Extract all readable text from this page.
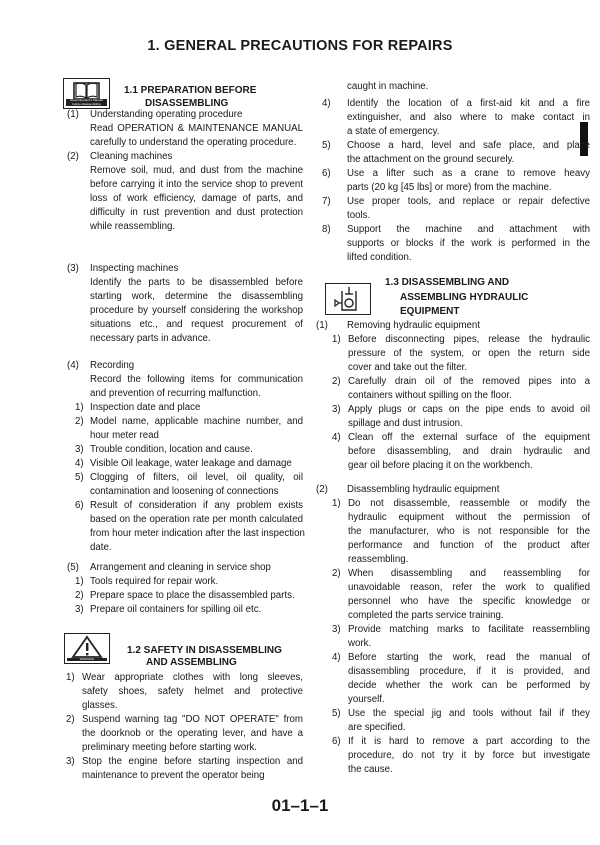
1. GENERAL PRECAUTIONS FOR REPAIRS
Read Operator's Manual before disassembling
1.1 PREPARATION BEFORE
DISASSEMBLING
WARNING
1.2 SAFETY IN DISASSEMBLING
AND ASSEMBLING
1.3 DISASSEMBLING AND
ASSEMBLING HYDRAULIC
EQUIPMENT
(1) Understanding operating procedure
Read OPERATION & MAINTENANCE MANUAL
carefully to understand the operating procedure.
(2) Cleaning machines
Remove soil, mud, and dust from the machine
before carrying it into the service shop to prevent
loss of work efficiency, damage of parts, and
difficulty in rust prevention and dust protection
while reassembling.
(3) Inspecting machines
Identify the parts to be disassembled before
starting work, determine the disassembling
procedure by yourself considering the workshop
situations etc., and request procurement of
necessary parts in advance.
(4) Recording
Record the following items for communication
and prevention of recurring malfunction.
1) Inspection date and place
2) Model name, applicable machine number, and
hour meter read
3) Trouble condition, location and cause.
4) Visible Oil leakage, water leakage and damage
5) Clogging of filters, oil level, oil quality, oil
contamination and loosening of connections
6) Result of consideration if any problem exists
based on the operation rate per month calculated
from hour meter indication after the last inspection
date.
(5) Arrangement and cleaning in service shop
1) Tools required for repair work.
2) Prepare space to place the disassembled parts.
3) Prepare oil containers for spilling oil etc.
1) Wear appropriate clothes with long sleeves,
safety shoes, safety helmet and protective
glasses.
2) Suspend warning tag "DO NOT OPERATE" from
the doorknob or the operating lever, and have a
preliminary meeting before starting work.
3) Stop the engine before starting inspection and
maintenance to prevent the operator being
caught in machine.
4) Identify the location of a first-aid kit and a fire
extinguisher, and also where to make contact in
a state of emergency.
5) Choose a hard, level and safe place, and place
the attachment on the ground securely.
6) Use a lifter such as a crane to remove heavy
parts (20 kg [45 lbs] or more) from the machine.
7) Use proper tools, and replace or repair defective
tools.
8) Support the machine and attachment with
supports or blocks if the work is performed in the
lifted condition.
(1) Removing hydraulic equipment
1) Before disconnecting pipes, release the hydraulic
pressure of the system, or open the return side
cover and take out the filter.
2) Carefully drain oil of the removed pipes into a
containers without spilling on the floor.
3) Apply plugs or caps on the pipe ends to avoid oil
spillage and dust intrusion.
4) Clean off the external surface of the equipment
before disassembling, and drain hydraulic and
gear oil before placing it on the workbench.
(2) Disassembling hydraulic equipment
1) Do not disassemble, reassemble or modify the
hydraulic equipment without the permission of
the manufacturer, who is not responsible for the
performance and function of the product after
reassembling.
2) When disassembling and reassembling for
unavoidable reason, refer the work to qualified
personnel who have the specific knowledge or
completed the parts service training.
3) Provide matching marks to facilitate reassembling
work.
4) Before starting the work, read the manual of
disassembling procedure, if it is provided, and
decide whether the work can be performed by
yourself.
5) Use the special jig and tools without fail if they
are specified.
6) If it is hard to remove a part according to the
procedure, do not try it by force but investigate
the cause.
01–1–1
